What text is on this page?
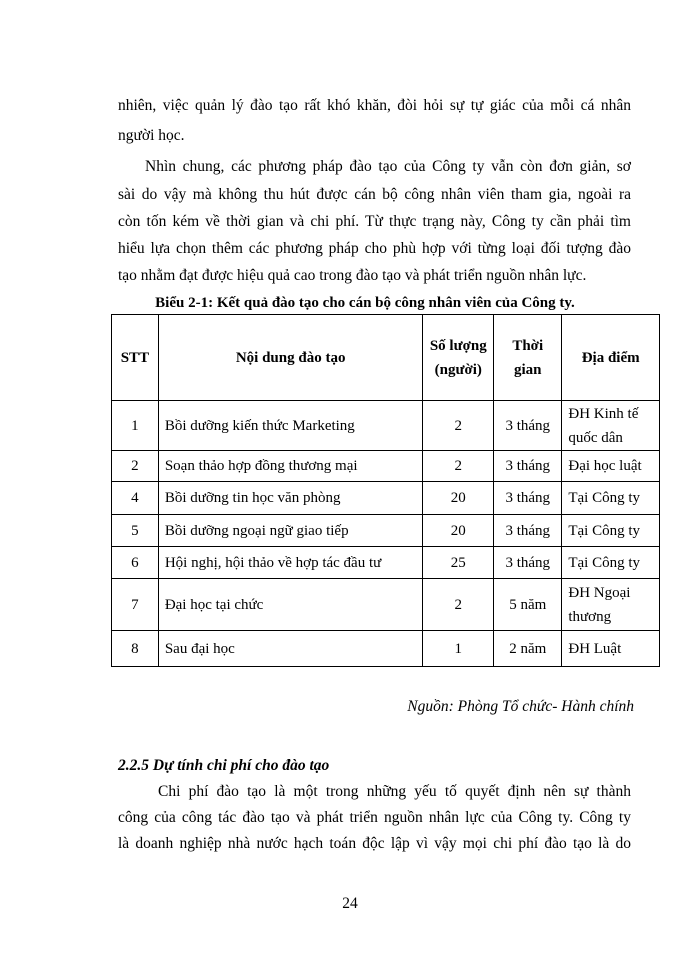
nhiên, việc quản lý đào tạo rất khó khăn, đòi hỏi sự tự giác của mỗi cá nhân
người học.
Nhìn chung, các phương pháp đào tạo của Công ty vẫn còn đơn giản, sơ
sài do vậy mà không thu hút được cán bộ công nhân viên tham gia, ngoài ra
còn tốn kém về thời gian và chi phí. Từ thực trạng này, Công ty cần phải tìm
hiểu lựa chọn thêm các phương pháp cho phù hợp với từng loại đối tượng đào
tạo nhằm đạt được hiệu quả cao trong đào tạo và phát triển nguồn nhân lực.
Biểu 2-1: Kết quả đào tạo cho cán bộ công nhân viên của Công ty.
STT	Nội dung đào tạo	Số lượng (người)	Thời gian	Địa điểm
1	Bồi dưỡng kiến thức Marketing	2	3 tháng	ĐH Kinh tế quốc dân
2	Soạn thảo hợp đồng thương mại	2	3 tháng	Đại học luật
4	Bồi dưỡng tin học văn phòng	20	3 tháng	Tại Công ty
5	Bồi dưỡng ngoại ngữ giao tiếp	20	3 tháng	Tại Công ty
6	Hội nghị, hội thảo về hợp tác đầu tư	25	3 tháng	Tại Công ty
7	Đại học tại chức	2	5 năm	ĐH Ngoại thương
8	Sau đại học	1	2 năm	ĐH Luật
Nguồn: Phòng Tổ chức- Hành chính
2.2.5 Dự tính chi phí cho đào tạo
Chi phí đào tạo là một trong những yếu tố quyết định nên sự thành
công của công tác đào tạo và phát triển nguồn nhân lực của Công ty. Công ty
là doanh nghiệp nhà nước hạch toán độc lập vì vậy mọi chi phí đào tạo là do
24
